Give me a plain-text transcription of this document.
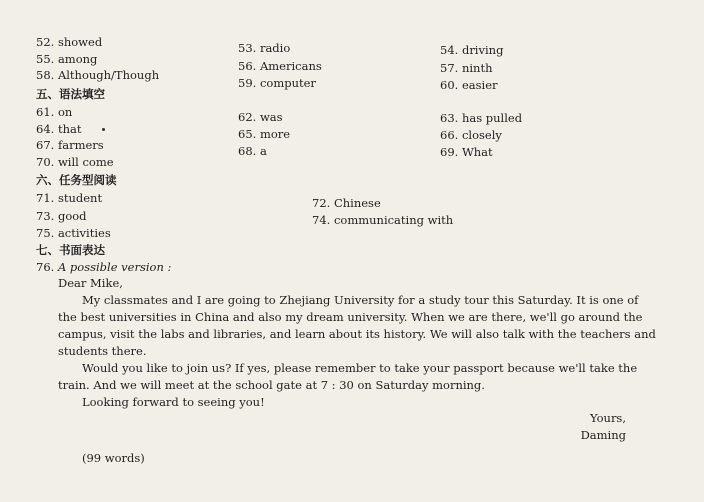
52. showed
55. among
58. Although/Though
五、语法填空
61. on
64. that
67. farmers
70. will come
六、任务型阅读
71. student
73. good
75. activities
七、书面表达
53. radio
56. Americans
59. computer
62. was
65. more
68. a
54. driving
57. ninth
60. easier
63. has pulled
66. closely
69. What
72. Chinese
74. communicating with
76. A possible version :

Dear Mike,

My classmates and I are going to Zhejiang University for a study tour this Saturday. It is one of the best universities in China and also my dream university. When we are there, we'll go around the campus, visit the labs and libraries, and learn about its history. We will also talk with the teachers and students there.

Would you like to join us? If yes, please remember to take your passport because we'll take the train. And we will meet at the school gate at 7 : 30 on Saturday morning.

Looking forward to seeing you!

Yours,
Daming
(99 words)
